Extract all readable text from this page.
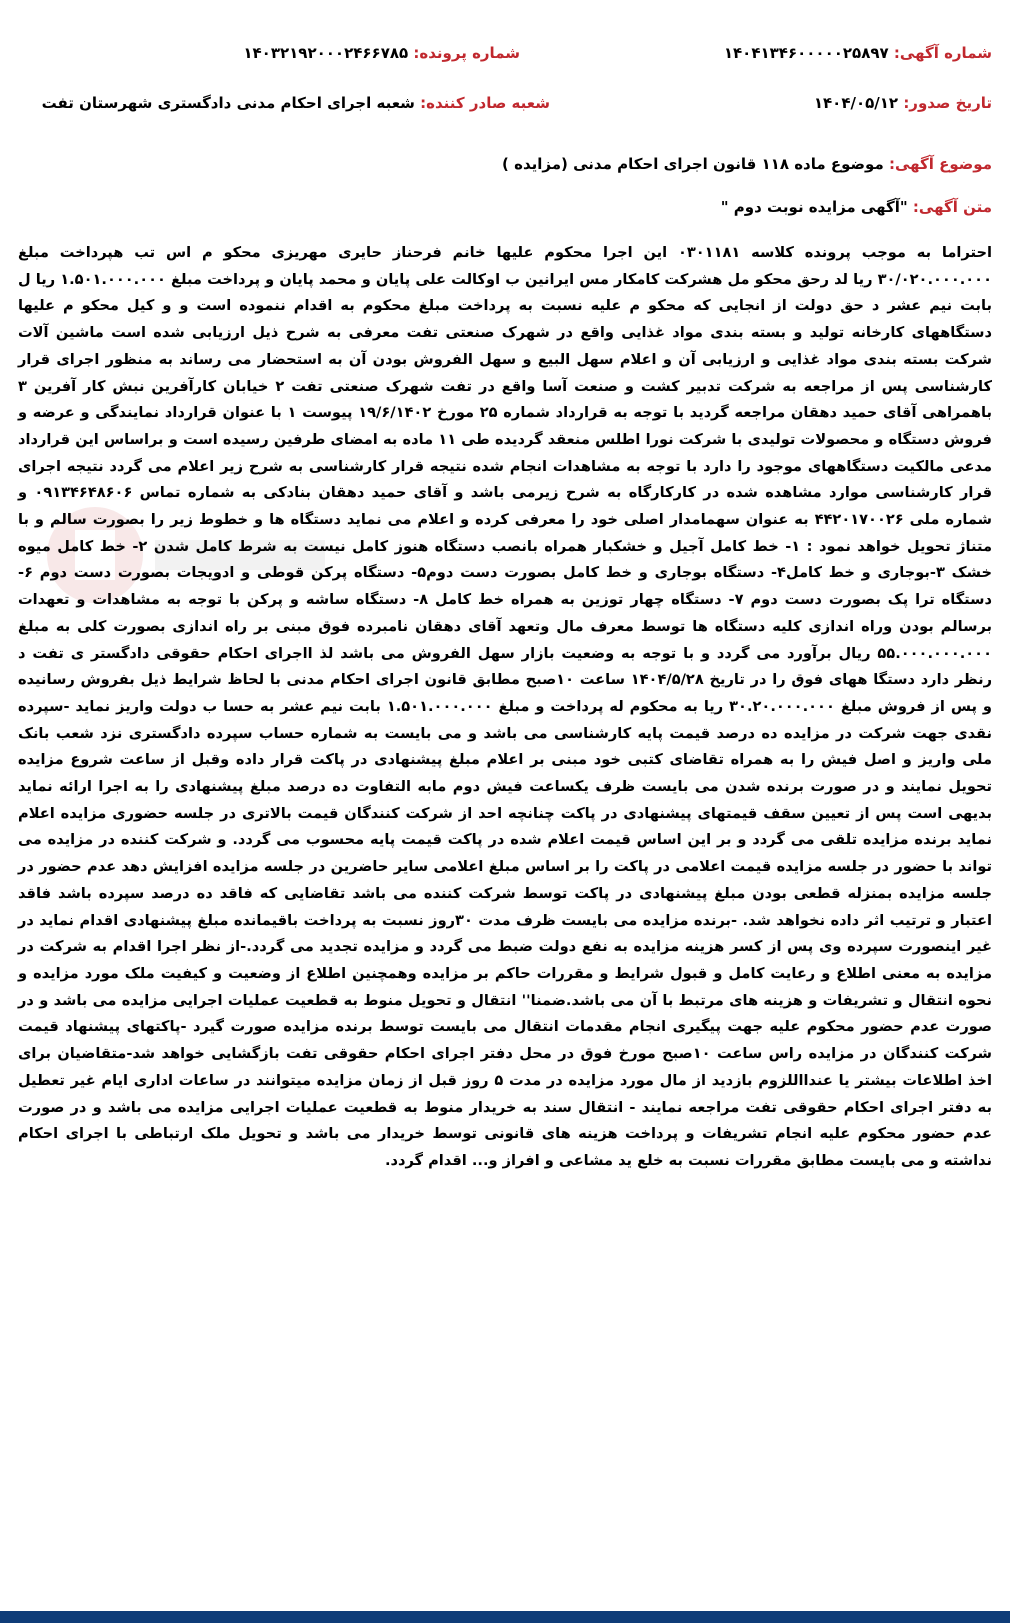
شماره آگهی: ۱۴۰۴۱۳۴۶۰۰۰۰۰۲۵۸۹۷
شماره پرونده: ۱۴۰۳۲۱۹۲۰۰۰۲۴۶۶۷۸۵
تاریخ صدور: ۱۴۰۴/۰۵/۱۲
شعبه صادر کننده: شعبه اجرای احکام مدنی دادگستری شهرستان تفت
موضوع آگهی: موضوع ماده ۱۱۸ قانون اجرای احکام مدنی (مزایده )
متن آگهی: "آگهی مزایده نوبت دوم "
احتراما به موجب پرونده کلاسه ۰۳۰۱۱۸۱ این اجرا محکوم علیها خانم فرحناز حایری مهریزی محکو م اس تب هپرداخت مبلغ ۳۰/۰۲۰.۰۰۰.۰۰۰ ریا لد رحق محکو مل هشرکت کامکار مس ایرانین ب اوکالت علی پایان و محمد پایان و پرداخت مبلغ ۱.۵۰۱.۰۰۰.۰۰۰ ریا ل بابت نیم عشر د حق دولت از انجایی که محکو م علیه نسبت به پرداخت مبلغ محکوم به اقدام ننموده است و و کیل محکو م علیها دستگاههای کارخانه تولید و بسته بندی مواد غذایی واقع در شهرک صنعتی تفت معرفی به شرح ذیل ارزیابی شده است ماشین آلات شرکت بسته بندی مواد غذایی و ارزیابی آن و اعلام سهل البیع و سهل الفروش بودن آن به استحضار می رساند به منظور اجرای قرار کارشناسی پس از مراجعه به شرکت تدبیر کشت و صنعت آسا واقع در تفت شهرک صنعتی تفت ۲ خیابان کارآفرین نبش کار آفرین ۳ باهمراهی آقای حمید دهقان مراجعه گردید با توجه به قرارداد شماره ۲۵ مورخ ۱۹/۶/۱۴۰۲ پیوست ۱ با عنوان قرارداد نمایندگی و عرضه و فروش دستگاه و محصولات تولیدی با شرکت نورا اطلس منعقد گردیده طی ۱۱ ماده به امضای طرفین رسیده است و براساس این قرارداد مدعی مالکیت دستگاههای موجود را دارد با توجه به مشاهدات انجام شده نتیجه قرار کارشناسی به شرح زیر اعلام می گردد نتیجه اجرای قرار کارشناسی موارد مشاهده شده در کارکارگاه به شرح زیرمی باشد و آقای حمید دهقان بنادکی به شماره تماس ۰۹۱۳۴۶۴۸۶۰۶ و شماره ملی ۴۴۲۰۱۷۰۰۲۶ به عنوان سهمامدار اصلی خود را معرفی کرده و اعلام می نماید دستگاه ها و خطوط زیر را بصورت سالم و با متناژ تحویل خواهد نمود : ۱- خط کامل آجیل و خشکبار همراه بانصب دستگاه هنوز کامل نیست به شرط کامل شدن ۲- خط کامل میوه خشک ۳-بوجاری و خط کامل۴- دستگاه بوجاری و خط کامل بصورت دست دوم۵- دستگاه پرکن قوطی و ادویجات بصورت دست دوم ۶- دستگاه ترا پک بصورت دست دوم ۷- دستگاه چهار توزین به همراه خط کامل ۸- دستگاه ساشه و پرکن با توجه به مشاهدات و تعهدات برسالم بودن وراه اندازی کلیه دستگاه ها توسط معرف مال وتعهد آقای دهقان نامبرده فوق مبنی بر راه اندازی بصورت کلی به مبلغ ۵۵.۰۰۰.۰۰۰.۰۰۰ ریال برآورد می گردد و با توجه به وضعیت بازار سهل الفروش می باشد لذ ااجرای احکام حقوقی دادگستر ی تفت د رنظر دارد دستگا ههای فوق را در تاریخ ۱۴۰۴/۵/۲۸ ساعت ۱۰صبح مطابق قانون اجرای احکام مدنی با لحاظ شرایط ذیل بفروش رسانیده و پس از فروش مبلغ ۳۰.۲۰.۰۰۰.۰۰۰ ریا به محکوم له پرداخت و مبلغ ۱.۵۰۱.۰۰۰.۰۰۰ بابت نیم عشر به حسا ب دولت واریز نماید -سپرده نقدی جهت شرکت در مزایده ده درصد قیمت پایه کارشناسی می باشد و می بایست به شماره حساب سپرده دادگستری نزد شعب بانک ملی واریز و اصل فیش را به همراه تقاضای کتبی خود مبنی بر اعلام مبلغ پیشنهادی در پاکت قرار داده وقبل از ساعت شروع مزایده تحویل نمایند و در صورت برنده شدن می بایست ظرف یکساعت فیش دوم مابه التفاوت ده درصد مبلغ پیشنهادی را به اجرا ارائه نماید بدیهی است پس از تعیین سقف قیمتهای پیشنهادی در پاکت چنانچه احد از شرکت کنندگان قیمت بالاتری در جلسه حضوری مزایده اعلام نماید برنده مزایده تلقی می گردد و بر این اساس قیمت اعلام شده در پاکت قیمت پایه محسوب می گردد. و شرکت کننده در مزایده می تواند با حضور در جلسه مزایده قیمت اعلامی در پاکت را بر اساس مبلغ اعلامی سایر حاضرین در جلسه مزایده افزایش دهد عدم حضور در جلسه مزایده بمنزله قطعی بودن مبلغ پیشنهادی در پاکت توسط شرکت کننده می باشد تقاضایی که فاقد ده درصد سپرده باشد فاقد اعتبار و ترتیب اثر داده نخواهد شد. -برنده مزایده می بایست ظرف مدت ۳۰روز نسبت به پرداخت باقیمانده مبلغ پیشنهادی اقدام نماید در غیر اینصورت سپرده وی پس از کسر هزینه مزایده به نفع دولت ضبط می گردد و مزایده تجدید می گردد.-از نظر اجرا اقدام به شرکت در مزایده به معنی اطلاع و رعایت کامل و قبول شرایط و مقررات حاکم بر مزایده وهمچنین اطلاع از وضعیت و کیفیت ملک مورد مزایده و نحوه انتقال و تشریفات و هزینه های مرتبط با آن می باشد.ضمنا'' انتقال و تحویل منوط به قطعیت عملیات اجرایی مزایده می باشد و در صورت عدم حضور محکوم علیه جهت پیگیری انجام مقدمات انتقال می بایست توسط برنده مزایده صورت گیرد -پاکتهای پیشنهاد قیمت شرکت کنندگان در مزایده راس ساعت ۱۰صبح مورخ فوق در محل دفتر اجرای احکام حقوقی تفت بازگشایی خواهد شد-متقاضیان برای اخذ اطلاعات بیشتر یا عندااللزوم بازدید از مال مورد مزایده در مدت ۵ روز قبل از زمان مزایده میتوانند در ساعات اداری ایام غیر تعطیل به دفتر اجرای احکام حقوقی تفت مراجعه نمایند - انتقال سند به خریدار منوط به قطعیت عملیات اجرایی مزایده می باشد و در صورت عدم حضور محکوم علیه انجام تشریفات و پرداخت هزینه های قانونی توسط خریدار می باشد و تحویل ملک ارتباطی با اجرای احکام نداشته و می بایست مطابق مقررات نسبت به خلع ید مشاعی و افراز و... اقدام گردد.
